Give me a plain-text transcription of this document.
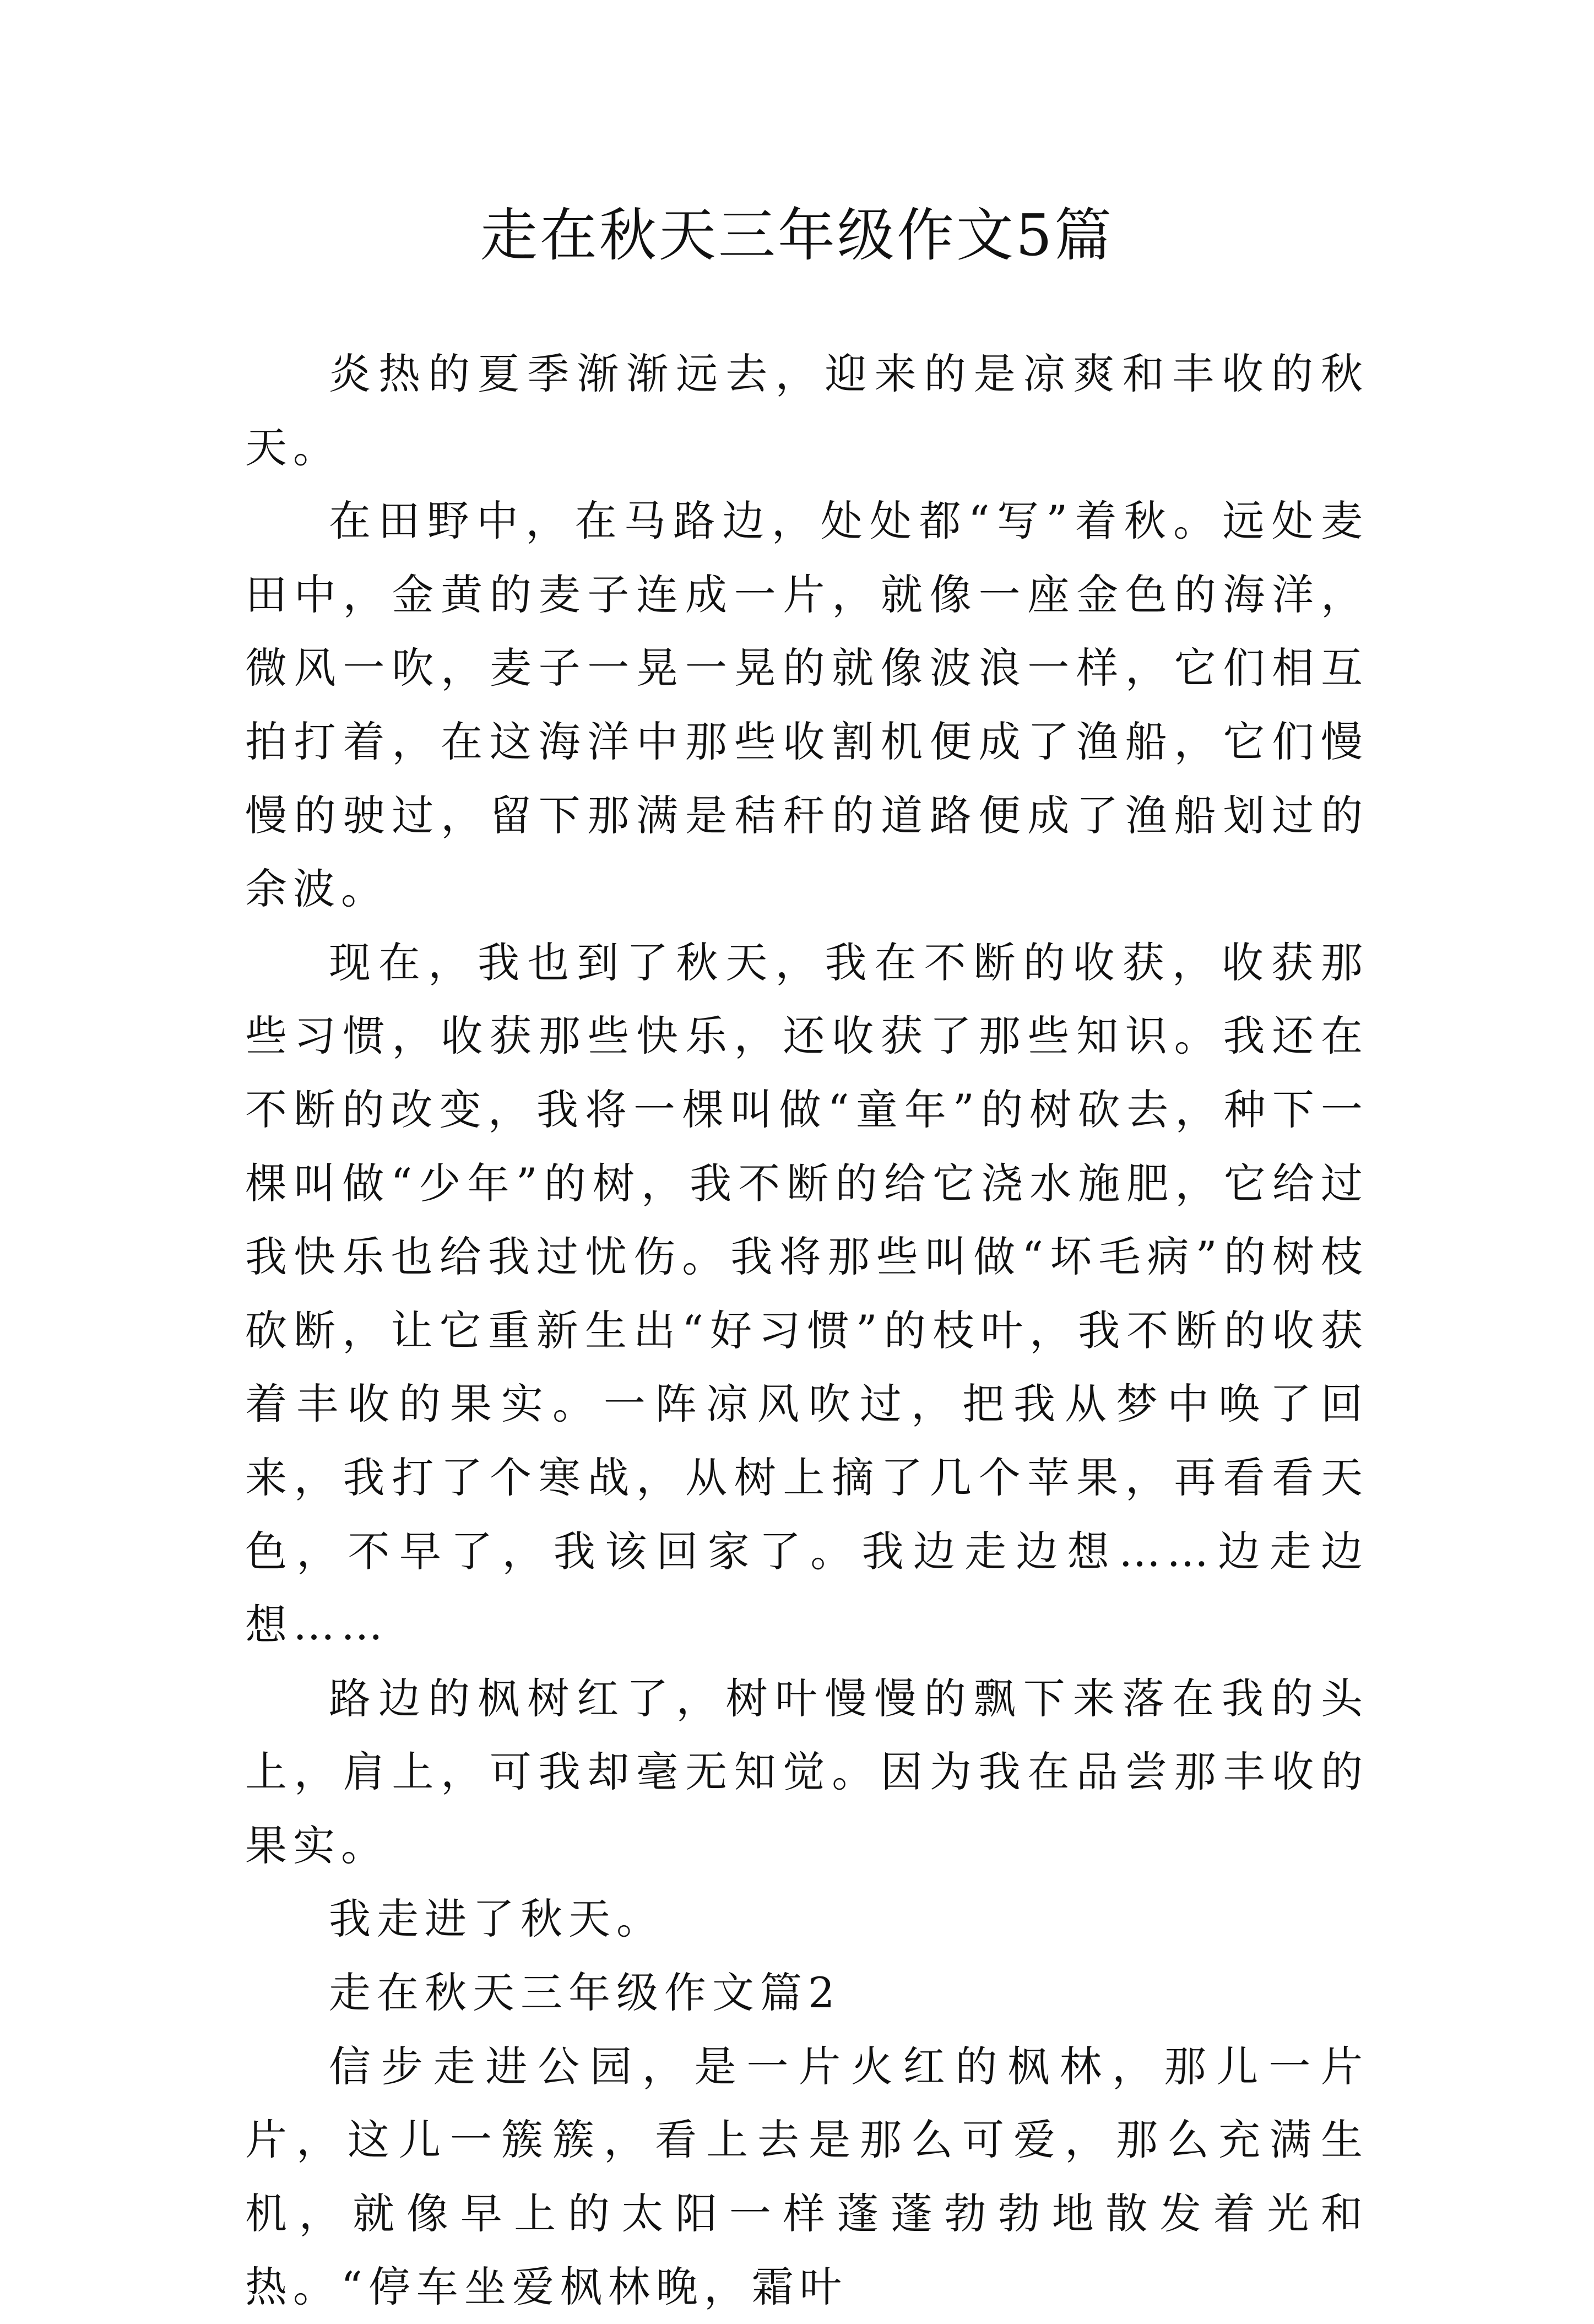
走在秋天三年级作文5篇

炎热的夏季渐渐远去，迎来的是凉爽和丰收的秋天。

在田野中，在马路边，处处都“写”着秋。远处麦田中，金黄的麦子连成一片，就像一座金色的海洋，微风一吹，麦子一晃一晃的就像波浪一样，它们相互拍打着，在这海洋中那些收割机便成了渔船，它们慢慢的驶过，留下那满是秸秆的道路便成了渔船划过的余波。

现在，我也到了秋天，我在不断的收获，收获那些习惯，收获那些快乐，还收获了那些知识。我还在不断的改变，我将一棵叫做“童年”的树砍去，种下一棵叫做“少年”的树，我不断的给它浇水施肥，它给过我快乐也给我过忧伤。我将那些叫做“坏毛病”的树枝砍断，让它重新生出“好习惯”的枝叶，我不断的收获着丰收的果实。一阵凉风吹过，把我从梦中唤了回来，我打了个寒战，从树上摘了几个苹果，再看看天色，不早了，我该回家了。我边走边想……边走边想……

路边的枫树红了，树叶慢慢的飘下来落在我的头上，肩上，可我却毫无知觉。因为我在品尝那丰收的果实。

我走进了秋天。

走在秋天三年级作文篇2

信步走进公园，是一片火红的枫林，那儿一片片，这儿一簇簇，看上去是那么可爱，那么充满生机，就像早上的太阳一样蓬蓬勃勃地散发着光和热。“停车坐爱枫林晚，霜叶
